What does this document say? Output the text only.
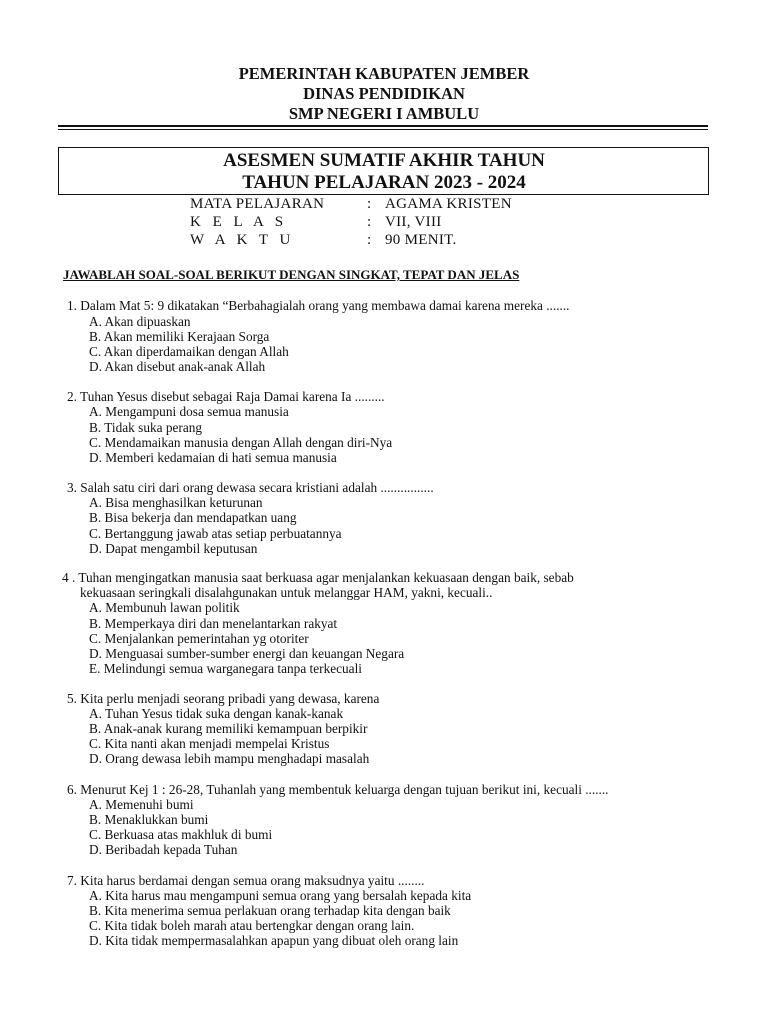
PEMERINTAH KABUPATEN JEMBER
DINAS PENDIDIKAN
SMP NEGERI I AMBULU
ASESMEN SUMATIF AKHIR TAHUN
TAHUN PELAJARAN 2023 - 2024
MATA PELAJARAN	: AGAMA KRISTEN
K E L A S	: VII, VIII
W A K T U	: 90 MENIT.
JAWABLAH SOAL-SOAL BERIKUT DENGAN SINGKAT, TEPAT DAN JELAS
1. Dalam Mat 5: 9 dikatakan “Berbahagialah orang yang membawa damai karena mereka .......
A. Akan dipuaskan
B. Akan memiliki Kerajaan Sorga
C. Akan diperdamaikan dengan Allah
D. Akan disebut anak-anak Allah
2. Tuhan Yesus disebut sebagai Raja Damai karena Ia .........
A. Mengampuni dosa semua manusia
B. Tidak suka perang
C. Mendamaikan manusia dengan Allah dengan diri-Nya
D. Memberi kedamaian di hati semua manusia
3. Salah satu ciri dari orang dewasa secara kristiani adalah ................
A. Bisa menghasilkan keturunan
B. Bisa bekerja dan mendapatkan uang
C. Bertanggung jawab atas setiap perbuatannya
D. Dapat mengambil keputusan
4 . Tuhan mengingatkan manusia saat berkuasa agar menjalankan kekuasaan dengan baik, sebab
kekuasaan seringkali disalahgunakan untuk melanggar HAM, yakni, kecuali..
A. Membunuh lawan politik
B. Memperkaya diri dan menelantarkan rakyat
C. Menjalankan pemerintahan yg otoriter
D. Menguasai sumber-sumber energi dan keuangan Negara
E. Melindungi semua warganegara tanpa terkecuali
5. Kita perlu menjadi seorang pribadi yang dewasa, karena
A. Tuhan Yesus tidak suka dengan kanak-kanak
B. Anak-anak kurang memiliki kemampuan berpikir
C. Kita nanti akan menjadi mempelai Kristus
D. Orang dewasa lebih mampu menghadapi masalah
6. Menurut Kej 1 : 26-28, Tuhanlah yang membentuk keluarga dengan tujuan berikut ini, kecuali .......
A. Memenuhi bumi
B. Menaklukkan bumi
C. Berkuasa atas makhluk di bumi
D. Beribadah kepada Tuhan
7. Kita harus berdamai dengan semua orang maksudnya yaitu ........
A. Kita harus mau mengampuni semua orang yang bersalah kepada kita
B. Kita menerima semua perlakuan orang terhadap kita dengan baik
C. Kita tidak boleh marah atau bertengkar dengan orang lain.
D. Kita tidak mempermasalahkan apapun yang dibuat oleh orang lain
